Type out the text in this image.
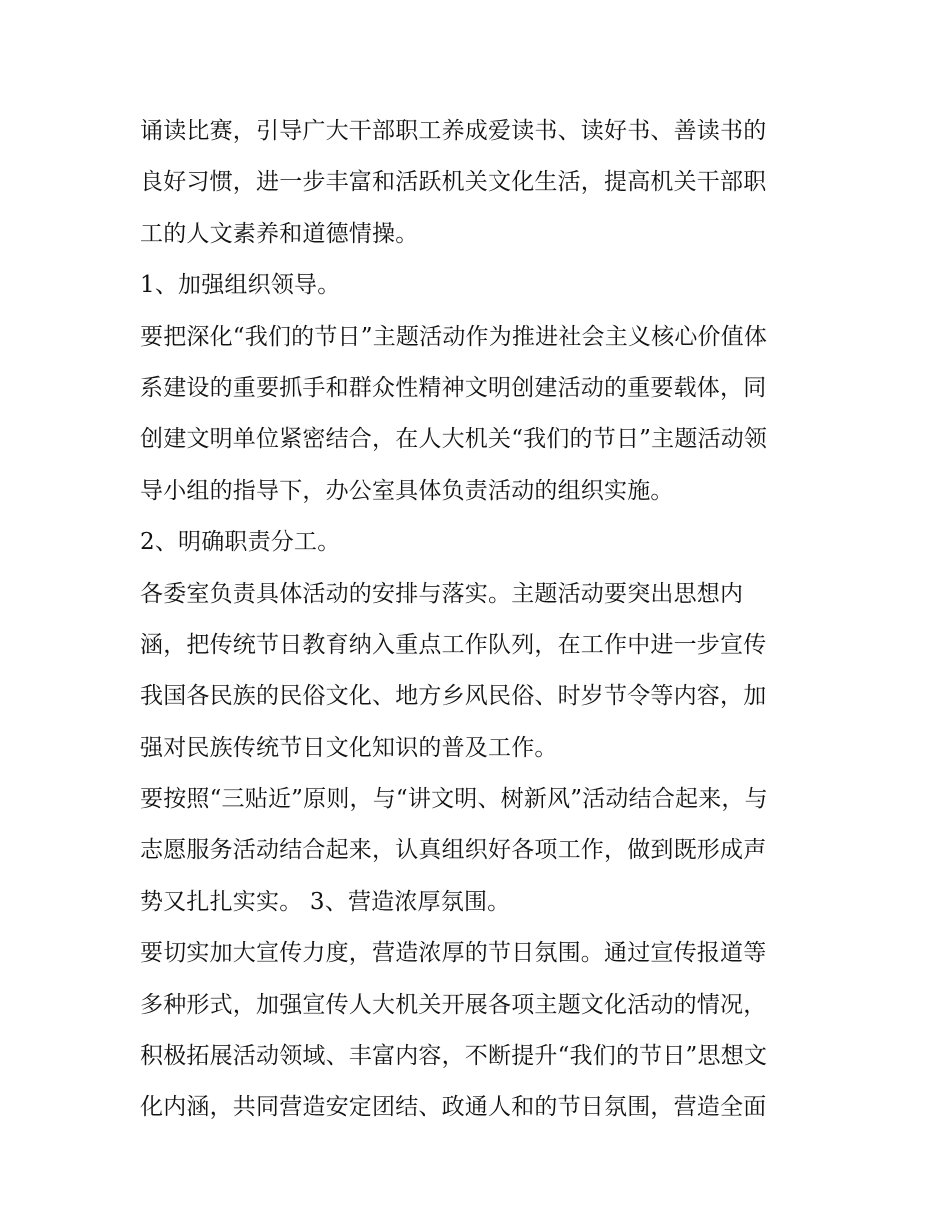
诵读比赛，引导广大干部职工养成爱读书、读好书、善读书的
良好习惯，进一步丰富和活跃机关文化生活，提高机关干部职
工的人文素养和道德情操。
1、加强组织领导。
要把深化“我们的节日”主题活动作为推进社会主义核心价值体
系建设的重要抓手和群众性精神文明创建活动的重要载体，同
创建文明单位紧密结合，在人大机关“我们的节日”主题活动领
导小组的指导下，办公室具体负责活动的组织实施。
2、明确职责分工。
各委室负责具体活动的安排与落实。主题活动要突出思想内
涵，把传统节日教育纳入重点工作队列，在工作中进一步宣传
我国各民族的民俗文化、地方乡风民俗、时岁节令等内容，加
强对民族传统节日文化知识的普及工作。
要按照“三贴近”原则，与“讲文明、树新风”活动结合起来，与
志愿服务活动结合起来，认真组织好各项工作，做到既形成声
势又扎扎实实。 3、营造浓厚氛围。
要切实加大宣传力度，营造浓厚的节日氛围。通过宣传报道等
多种形式，加强宣传人大机关开展各项主题文化活动的情况，
积极拓展活动领域、丰富内容，不断提升“我们的节日”思想文
化内涵，共同营造安定团结、政通人和的节日氛围，营造全面
